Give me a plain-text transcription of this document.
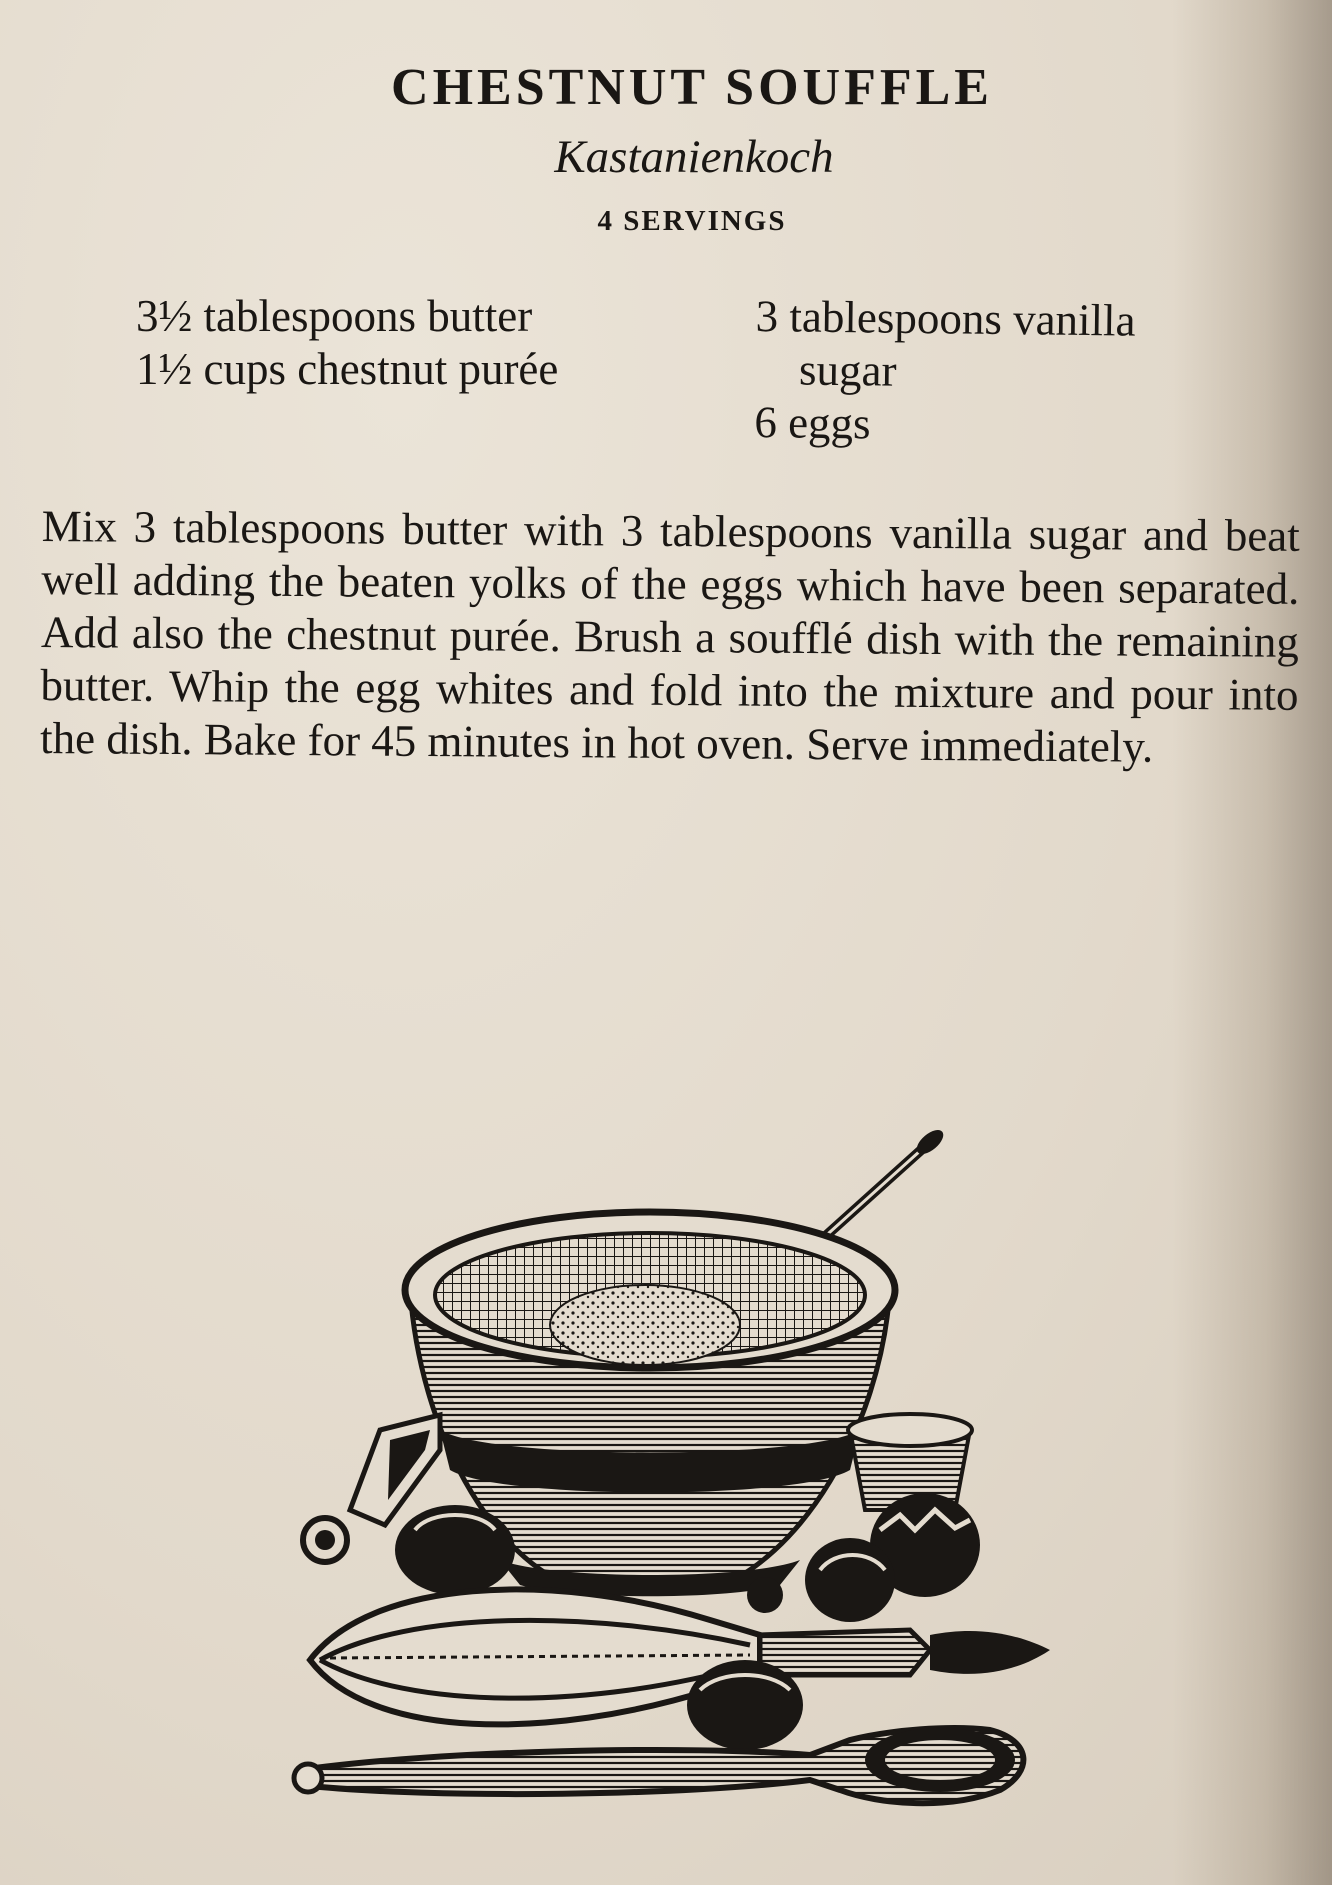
CHESTNUT SOUFFLE
Kastanienkoch
4 SERVINGS
3½ tablespoons butter
1½ cups chestnut purée
3 tablespoons vanilla
sugar
6 eggs

Mix 3 tablespoons butter with 3 tablespoons vanilla sugar and beat well adding the beaten yolks of the eggs which have been separated. Add also the chestnut purée. Brush a soufflé dish with the remaining butter. Whip the egg whites and fold into the mixture and pour into the dish. Bake for 45 minutes in hot oven. Serve immediately.
